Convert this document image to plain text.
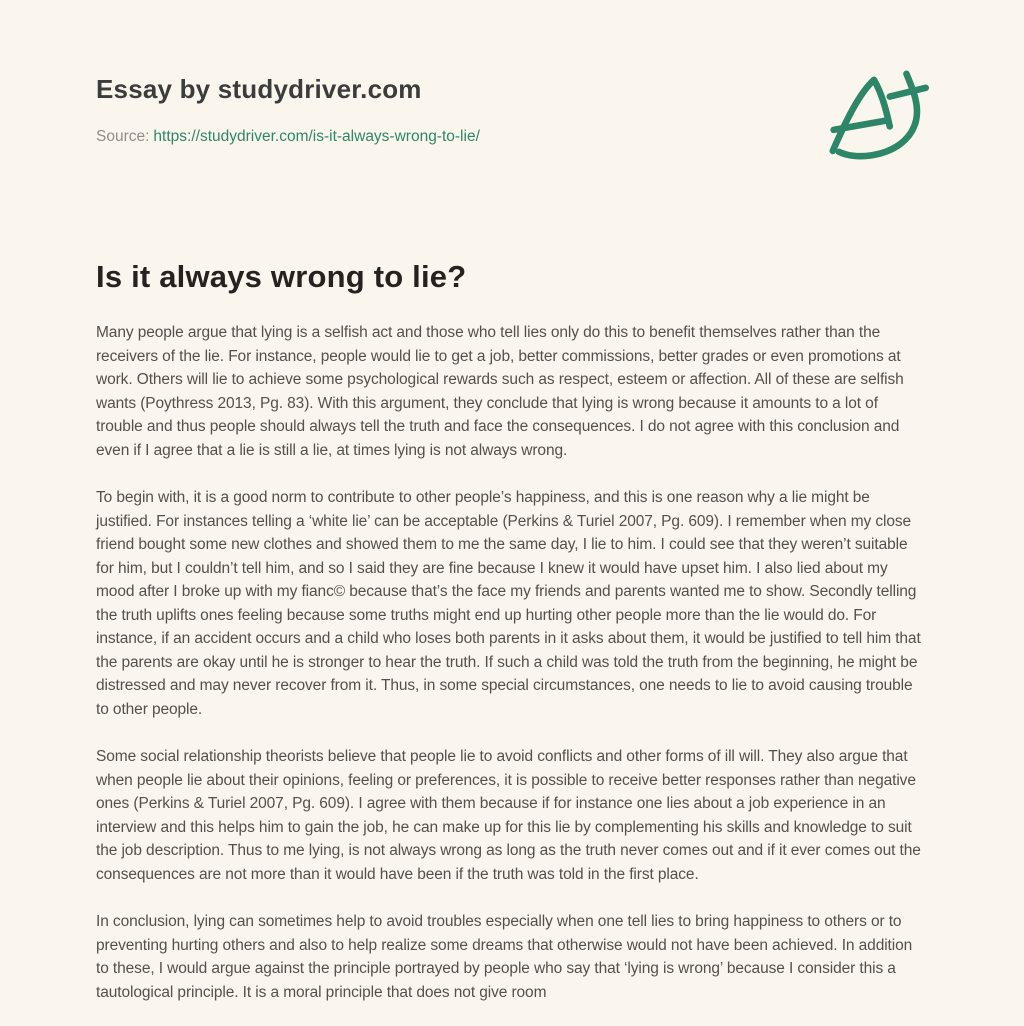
Essay by studydriver.com

Source: https://studydriver.com/is-it-always-wrong-to-lie/

Is it always wrong to lie?

Many people argue that lying is a selfish act and those who tell lies only do this to benefit themselves rather than the receivers of the lie. For instance, people would lie to get a job, better commissions, better grades or even promotions at work. Others will lie to achieve some psychological rewards such as respect, esteem or affection. All of these are selfish wants (Poythress 2013, Pg. 83). With this argument, they conclude that lying is wrong because it amounts to a lot of trouble and thus people should always tell the truth and face the consequences. I do not agree with this conclusion and even if I agree that a lie is still a lie, at times lying is not always wrong.

To begin with, it is a good norm to contribute to other people’s happiness, and this is one reason why a lie might be justified. For instances telling a ‘white lie’ can be acceptable (Perkins & Turiel 2007, Pg. 609). I remember when my close friend bought some new clothes and showed them to me the same day, I lie to him. I could see that they weren’t suitable for him, but I couldn’t tell him, and so I said they are fine because I knew it would have upset him. I also lied about my mood after I broke up with my fianc© because that’s the face my friends and parents wanted me to show. Secondly telling the truth uplifts ones feeling because some truths might end up hurting other people more than the lie would do. For instance, if an accident occurs and a child who loses both parents in it asks about them, it would be justified to tell him that the parents are okay until he is stronger to hear the truth. If such a child was told the truth from the beginning, he might be distressed and may never recover from it. Thus, in some special circumstances, one needs to lie to avoid causing trouble to other people.

Some social relationship theorists believe that people lie to avoid conflicts and other forms of ill will. They also argue that when people lie about their opinions, feeling or preferences, it is possible to receive better responses rather than negative ones (Perkins & Turiel 2007, Pg. 609). I agree with them because if for instance one lies about a job experience in an interview and this helps him to gain the job, he can make up for this lie by complementing his skills and knowledge to suit the job description. Thus to me lying, is not always wrong as long as the truth never comes out and if it ever comes out the consequences are not more than it would have been if the truth was told in the first place.

In conclusion, lying can sometimes help to avoid troubles especially when one tell lies to bring happiness to others or to preventing hurting others and also to help realize some dreams that otherwise would not have been achieved. In addition to these, I would argue against the principle portrayed by people who say that ‘lying is wrong’ because I consider this a tautological principle. It is a moral principle that does not give room
